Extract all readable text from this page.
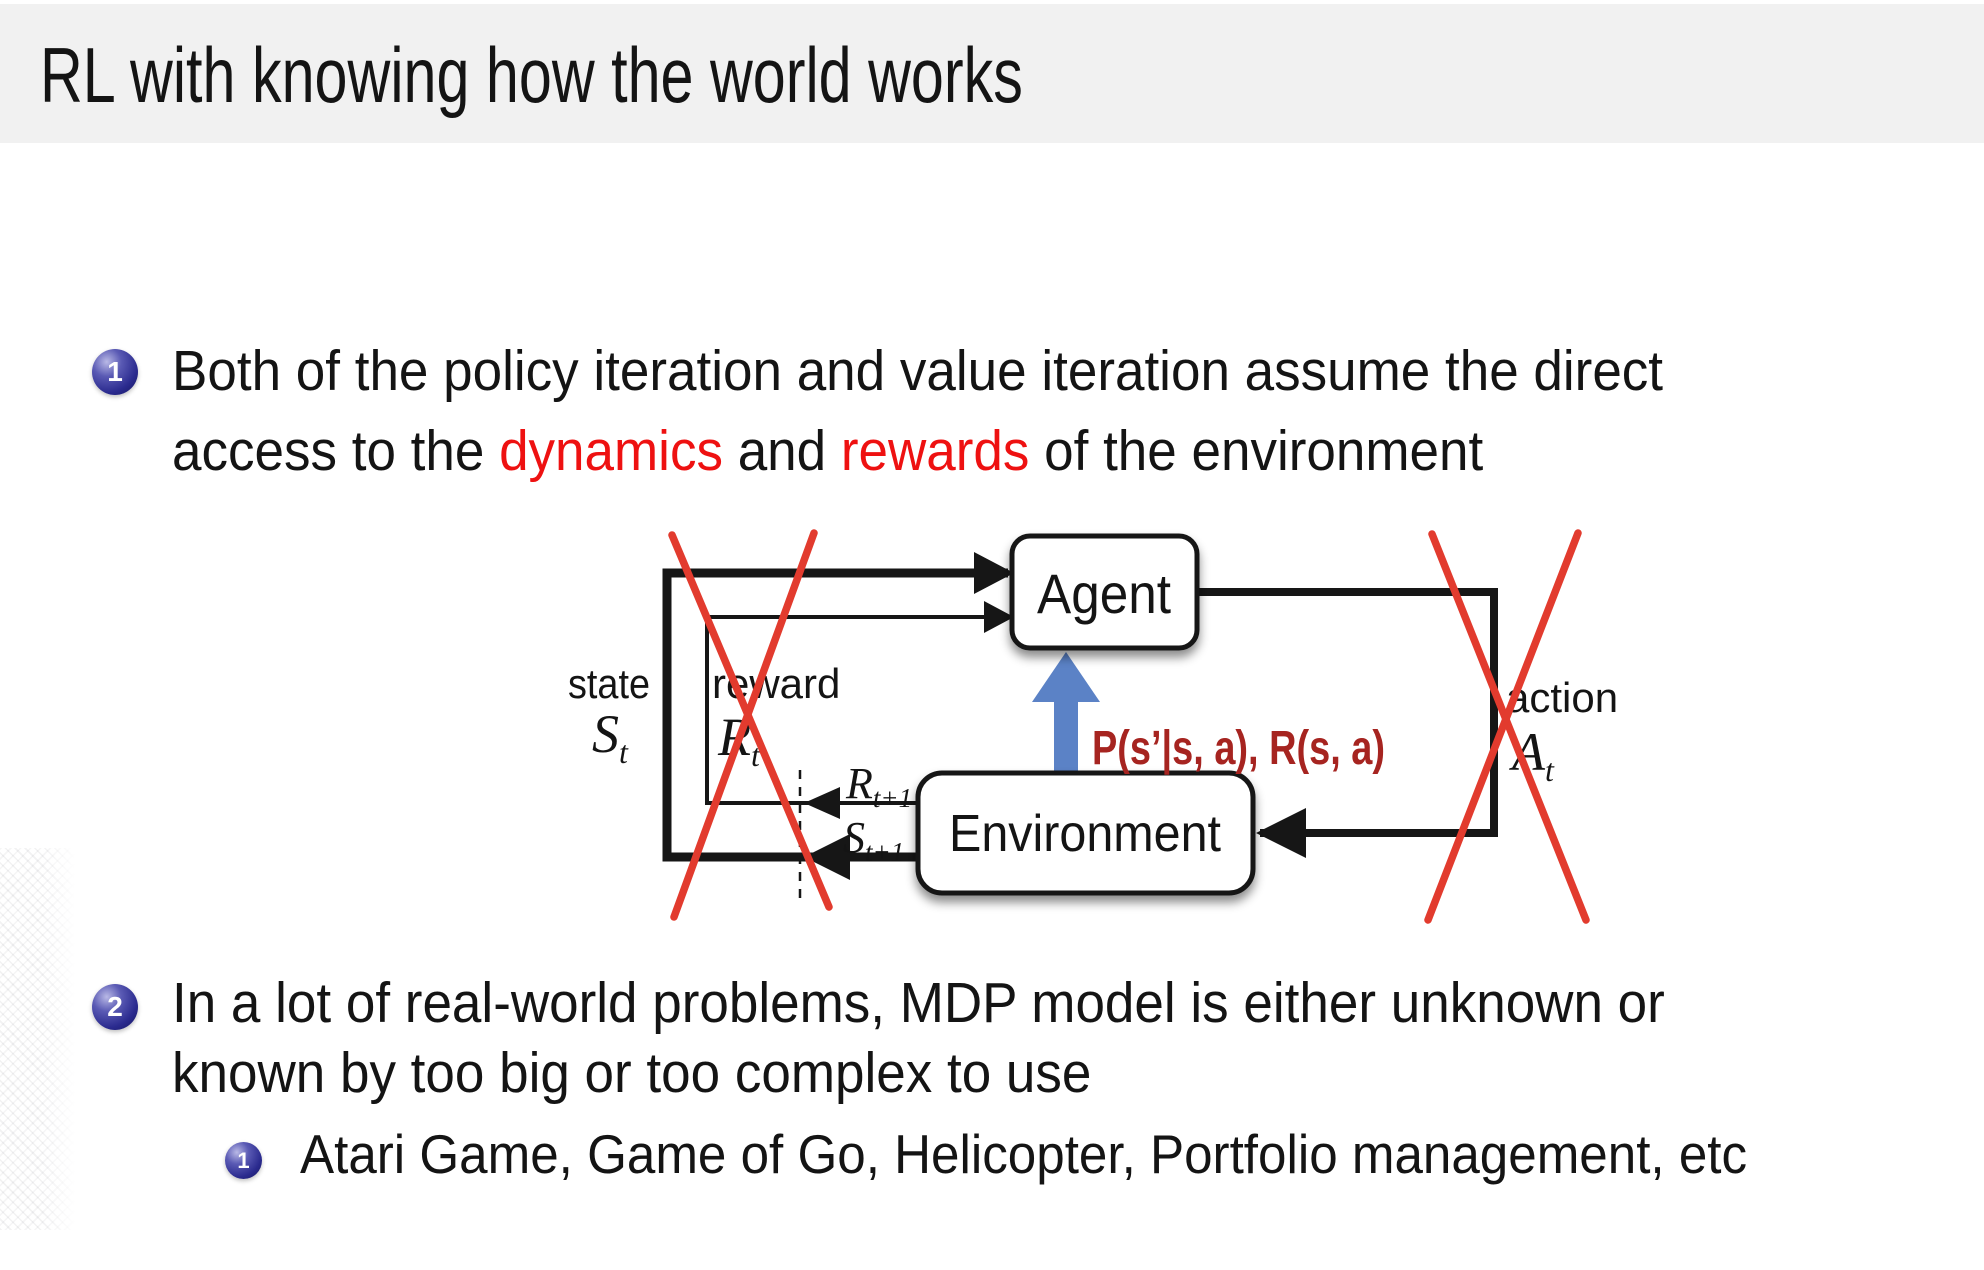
RL with knowing how the world works
1 Both of the policy iteration and value iteration assume the direct
access to the dynamics and rewards of the environment
2 In a lot of real-world problems, MDP model is either unknown or
known by too big or too complex to use
1 Atari Game, Game of Go, Helicopter, Portfolio management, etc
Agent
Environment
state
$S_t$
reward
$R_t$
$R_{t+1}$
$S_{t+1}$
action
$A_t$
P(s’|s, a), R(s, a)
